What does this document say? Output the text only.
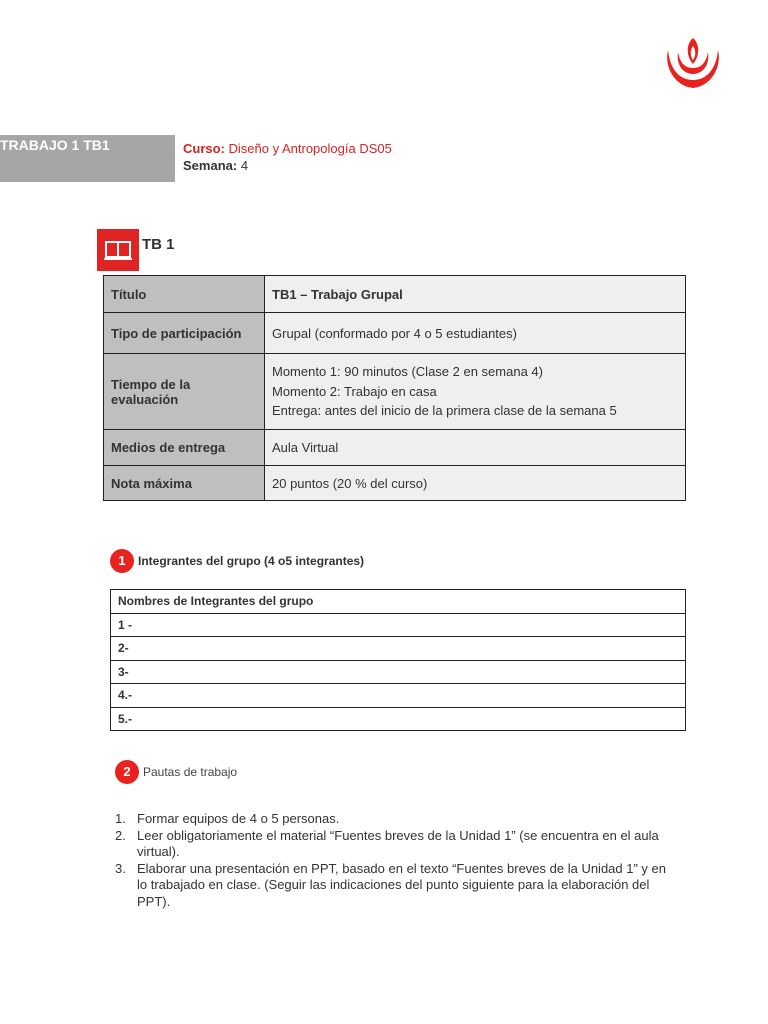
TRABAJO 1 TB1	Curso: Diseño y Antropología DS05
Semana: 4
TB 1
Título	TB1 – Trabajo Grupal
Tipo de participación	Grupal (conformado por 4 o 5 estudiantes)
Tiempo de la evaluación	Momento 1: 90 minutos (Clase 2 en semana 4)
Momento 2: Trabajo en casa
Entrega: antes del inicio de la primera clase de la semana 5

Medios de entrega	Aula Virtual
Nota máxima	20 puntos (20 % del curso)
1	Integrantes del grupo (4 o5 integrantes)
Nombres de Integrantes del grupo
1 -
2-
3-
4.-
5.-
2	Pautas de trabajo
1. Formar equipos de 4 o 5 personas.
2. Leer obligatoriamente el material “Fuentes breves de la Unidad 1” (se encuentra en el aula virtual).
3. Elaborar una presentación en PPT, basado en el texto “Fuentes breves de la Unidad 1” y en lo trabajado en clase. (Seguir las indicaciones del punto siguiente para la elaboración del PPT).
